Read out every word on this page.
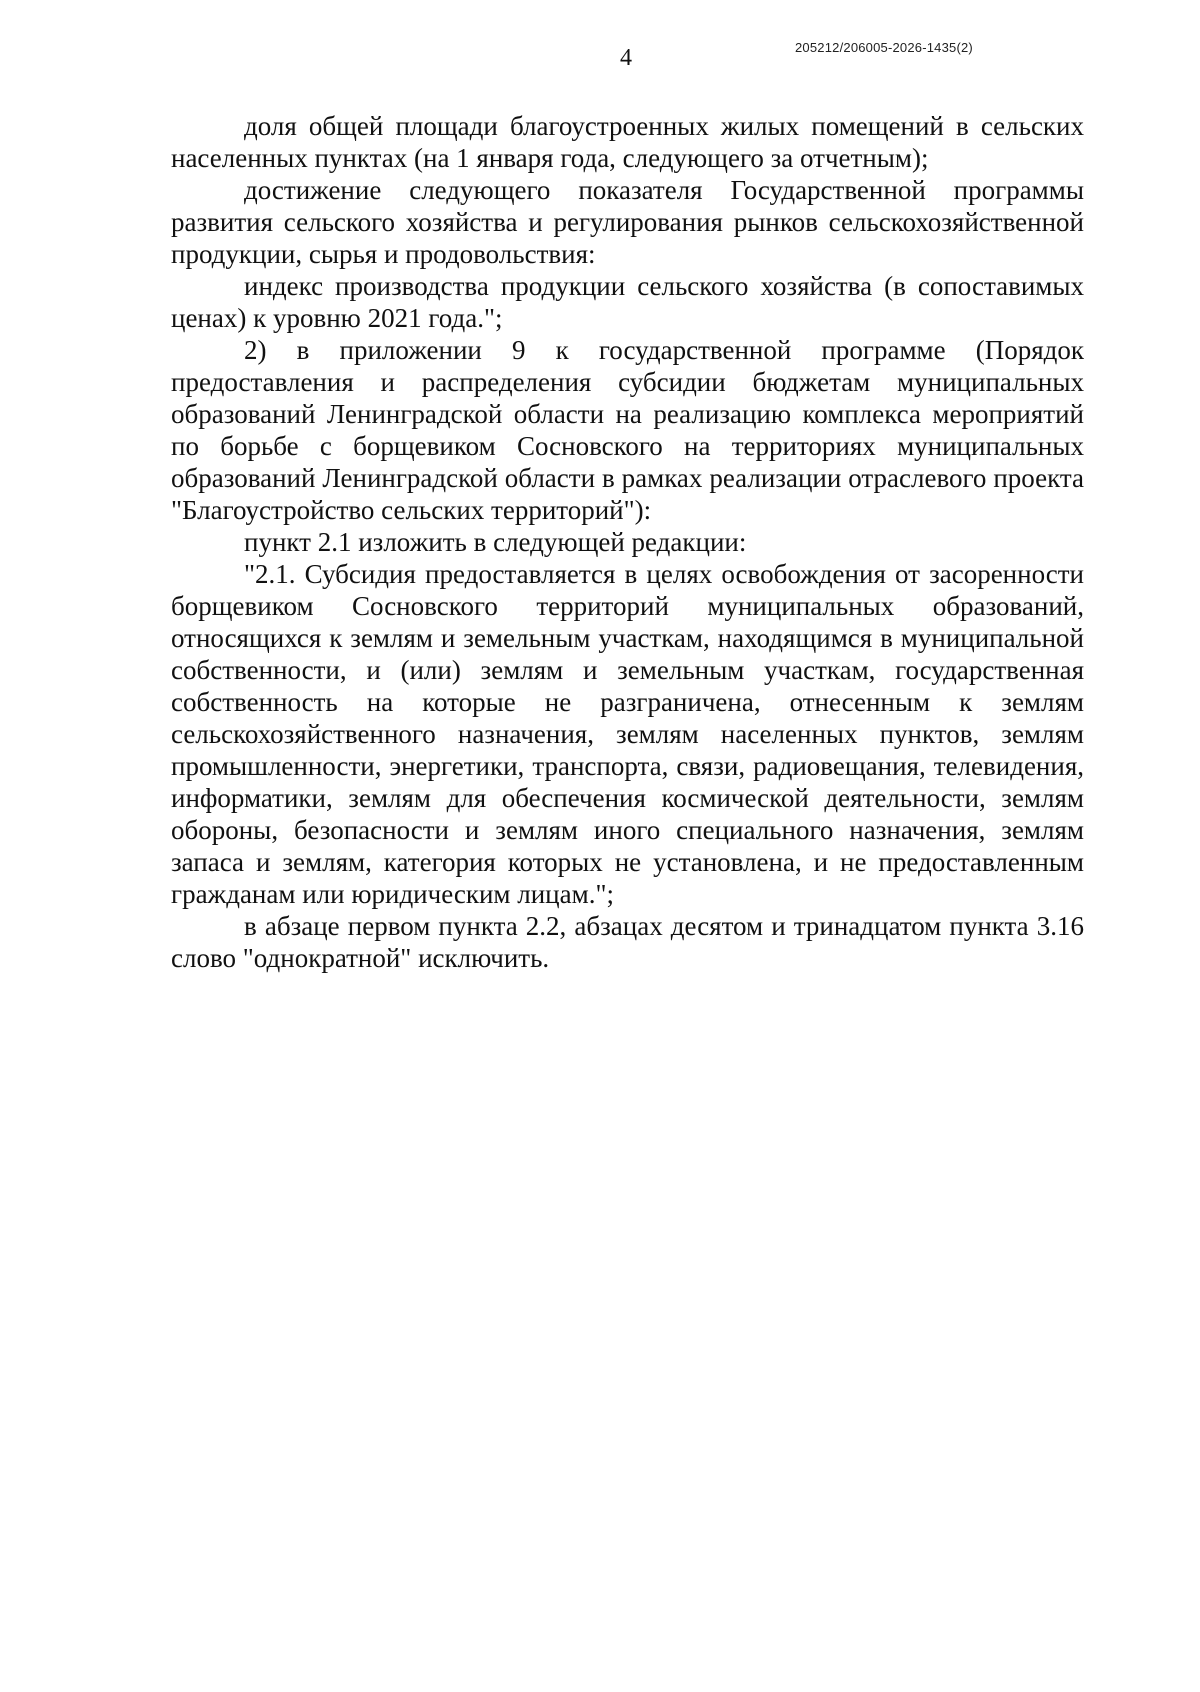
4	205212/206005-2026-1435(2)

доля общей площади благоустроенных жилых помещений в сельских населенных пунктах (на 1 января года, следующего за отчетным);

достижение следующего показателя Государственной программы развития сельского хозяйства и регулирования рынков сельскохозяйственной продукции, сырья и продовольствия:

индекс производства продукции сельского хозяйства (в сопоставимых ценах) к уровню 2021 года.";

2) в приложении 9 к государственной программе (Порядок предоставления и распределения субсидии бюджетам муниципальных образований Ленинградской области на реализацию комплекса мероприятий по борьбе с борщевиком Сосновского на территориях муниципальных образований Ленинградской области в рамках реализации отраслевого проекта "Благоустройство сельских территорий"):

пункт 2.1 изложить в следующей редакции:

"2.1. Субсидия предоставляется в целях освобождения от засоренности борщевиком Сосновского территорий муниципальных образований, относящихся к землям и земельным участкам, находящимся в муниципальной собственности, и (или) землям и земельным участкам, государственная собственность на которые не разграничена, отнесенным к землям сельскохозяйственного назначения, землям населенных пунктов, землям промышленности, энергетики, транспорта, связи, радиовещания, телевидения, информатики, землям для обеспечения космической деятельности, землям обороны, безопасности и землям иного специального назначения, землям запаса и землям, категория которых не установлена, и не предоставленным гражданам или юридическим лицам.";

в абзаце первом пункта 2.2, абзацах десятом и тринадцатом пункта 3.16 слово "однократной" исключить.
